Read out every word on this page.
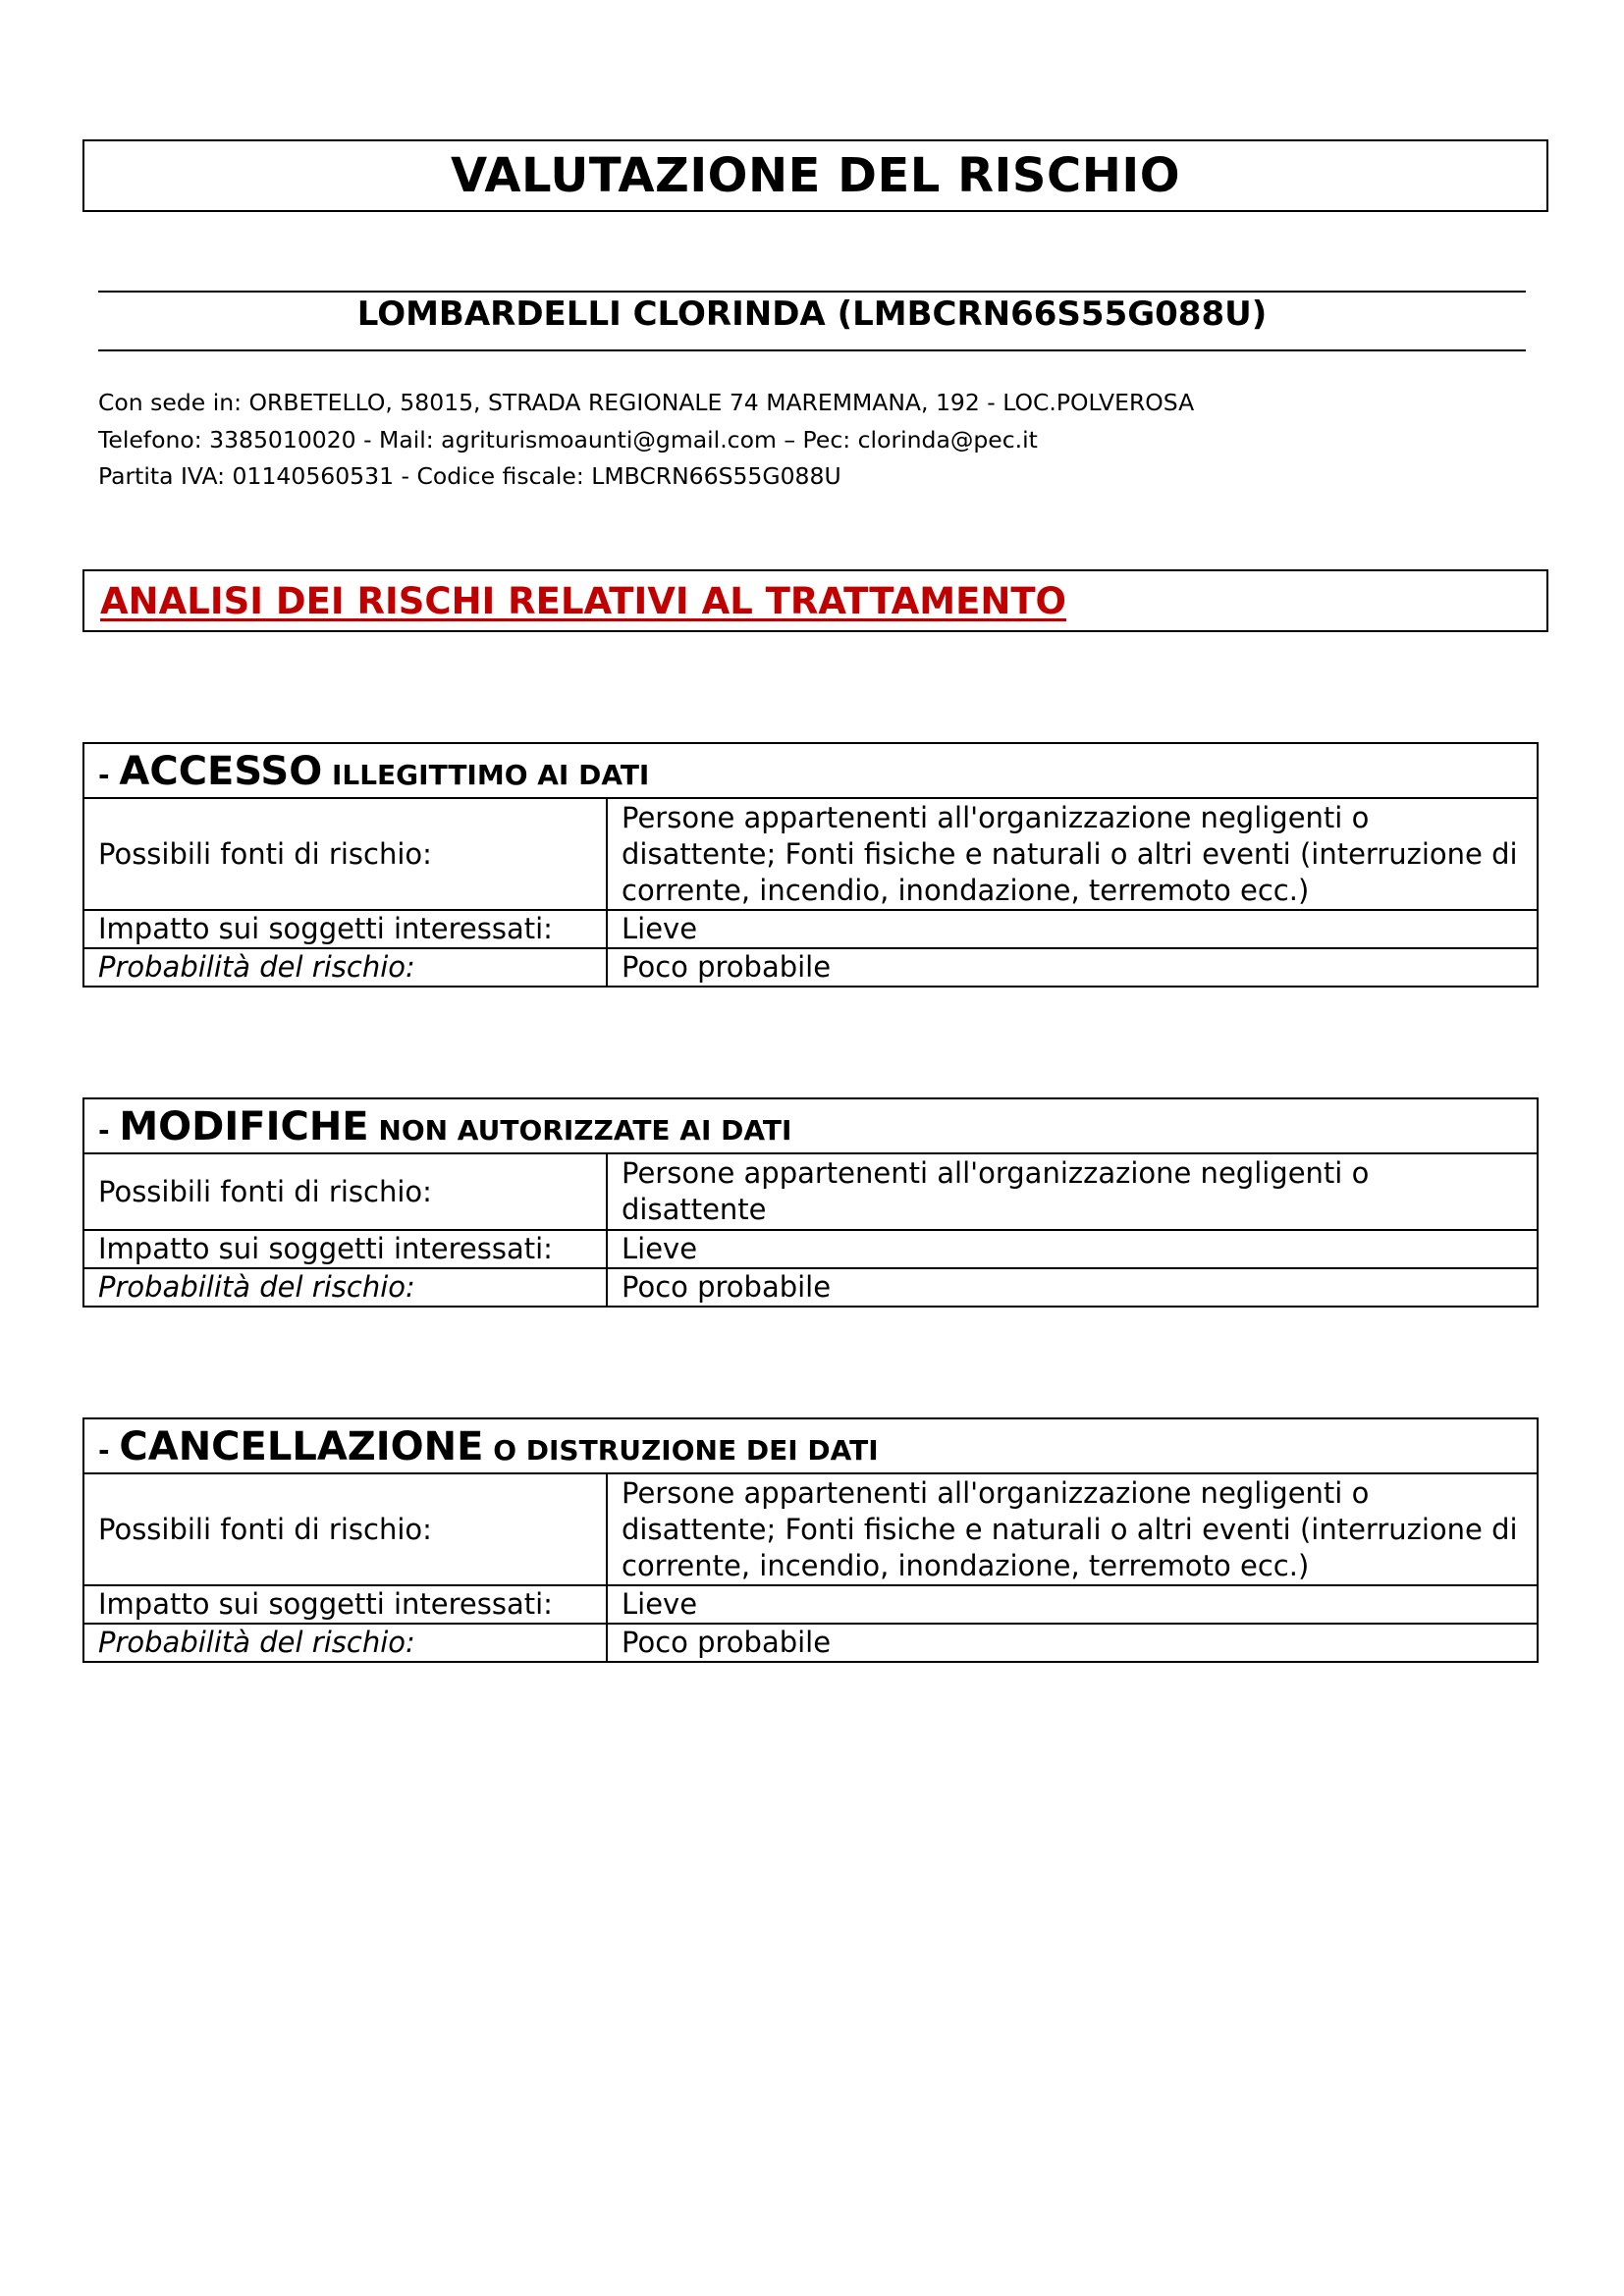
VALUTAZIONE DEL RISCHIO
LOMBARDELLI CLORINDA (LMBCRN66S55G088U)
Con sede in: ORBETELLO, 58015, STRADA REGIONALE 74 MAREMMANA, 192 - LOC.POLVEROSA
Telefono: 3385010020 - Mail: agriturismoaunti@gmail.com – Pec: clorinda@pec.it
Partita IVA: 01140560531 - Codice fiscale: LMBCRN66S55G088U
ANALISI DEI RISCHI RELATIVI AL TRATTAMENTO
- ACCESSO ILLEGITTIMO AI DATI	
Possibili fonti di rischio:	Persone appartenenti all'organizzazione negligenti o disattente; Fonti fisiche e naturali o altri eventi (interruzione di corrente, incendio, inondazione, terremoto ecc.)
Impatto sui soggetti interessati:	Lieve
Probabilità del rischio:	Poco probabile
- MODIFICHE NON AUTORIZZATE AI DATI	
Possibili fonti di rischio:	Persone appartenenti all'organizzazione negligenti o disattente
Impatto sui soggetti interessati:	Lieve
Probabilità del rischio:	Poco probabile
- CANCELLAZIONE O DISTRUZIONE DEI DATI	
Possibili fonti di rischio:	Persone appartenenti all'organizzazione negligenti o disattente; Fonti fisiche e naturali o altri eventi (interruzione di corrente, incendio, inondazione, terremoto ecc.)
Impatto sui soggetti interessati:	Lieve
Probabilità del rischio:	Poco probabile
